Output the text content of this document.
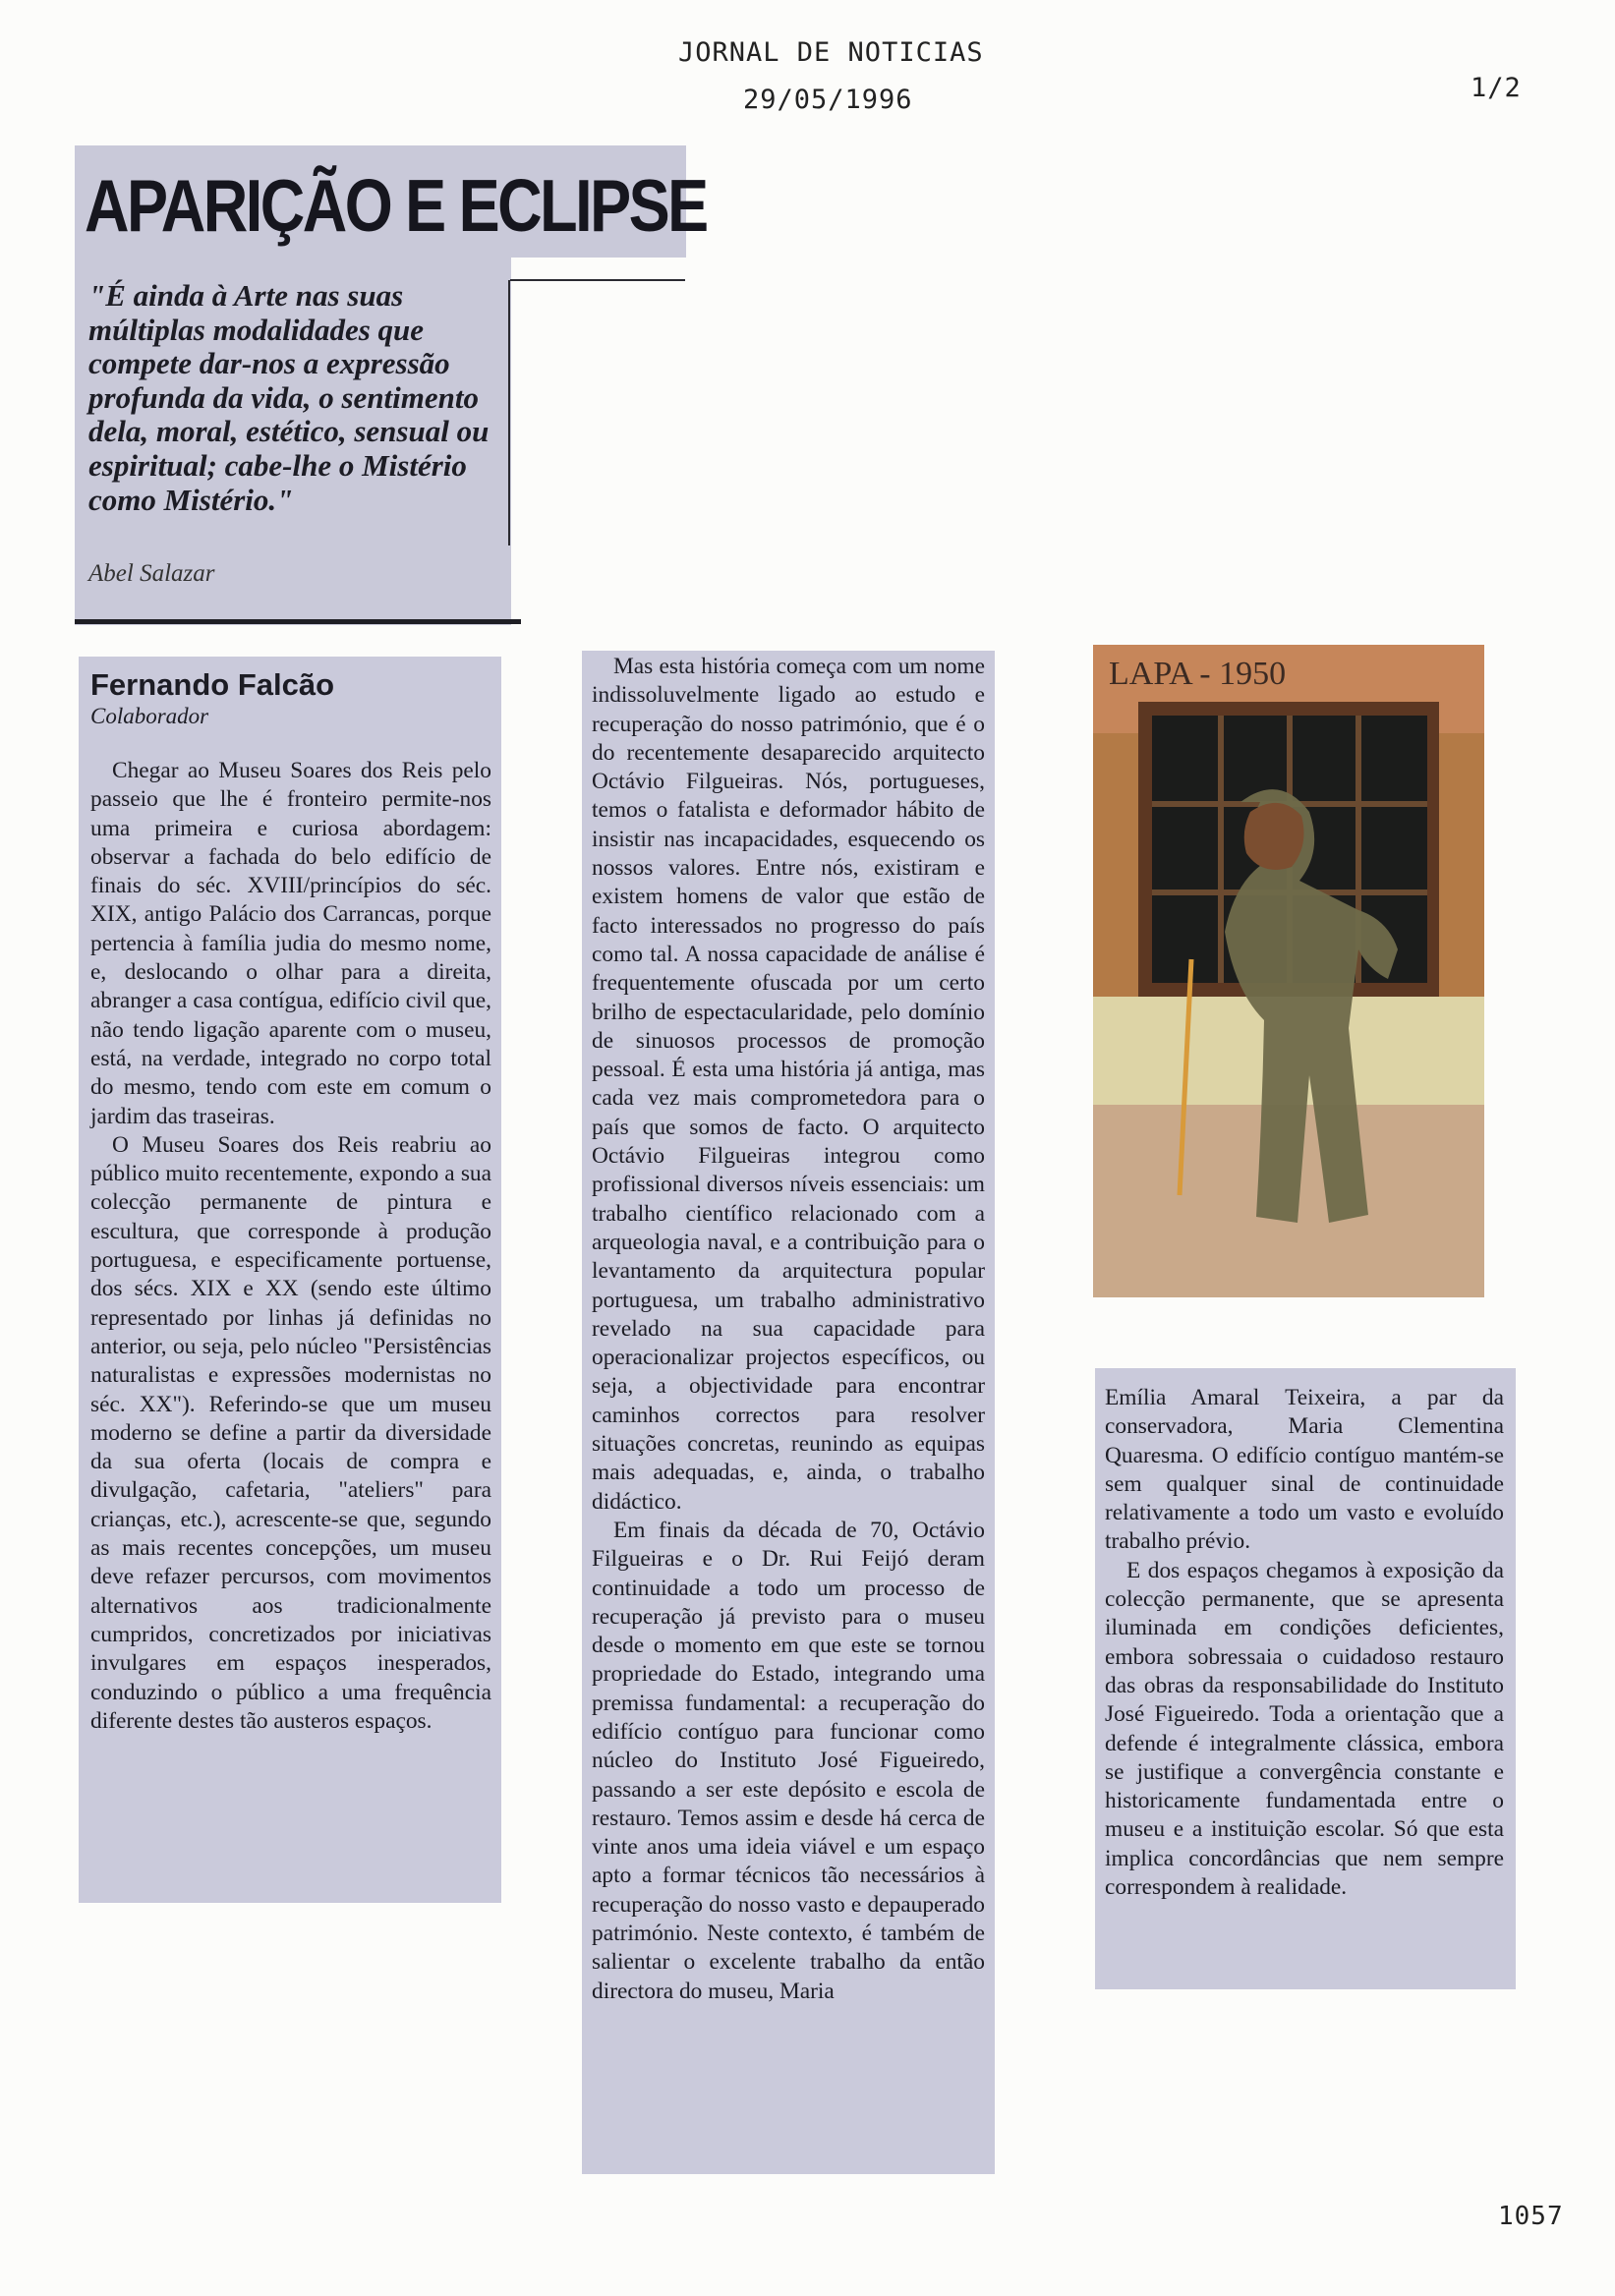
JORNAL DE NOTICIAS
29/05/1996	1/2
APARIÇÃO E ECLIPSE

"É ainda à Arte nas suas múltiplas modalidades que compete dar-nos a expressão profunda da vida, o sentimento dela, moral, estético, sensual ou espiritual; cabe-lhe o Mistério como Mistério."

Abel Salazar
Fernando Falcão
Colaborador

Chegar ao Museu Soares dos Reis pelo passeio que lhe é fronteiro permite-nos uma primeira e curiosa abordagem: observar a fachada do belo edifício de finais do séc. XVIII/princípios do séc. XIX, antigo Palácio dos Carrancas, porque pertencia à família judia do mesmo nome, e, deslocando o olhar para a direita, abranger a casa contígua, edifício civil que, não tendo ligação aparente com o museu, está, na verdade, integrado no corpo total do mesmo, tendo com este em comum o jardim das traseiras.

O Museu Soares dos Reis reabriu ao público muito recentemente, expondo a sua colecção permanente de pintura e escultura, que corresponde à produção portuguesa, e especificamente portuense, dos sécs. XIX e XX (sendo este último representado por linhas já definidas no anterior, ou seja, pelo núcleo "Persistências naturalistas e expressões modernistas no séc. XX"). Referindo-se que um museu moderno se define a partir da diversidade da sua oferta (locais de compra e divulgação, cafetaria, "ateliers" para crianças, etc.), acrescente-se que, segundo as mais recentes concepções, um museu deve refazer percursos, com movimentos alternativos aos tradicionalmente cumpridos, concretizados por iniciativas invulgares em espaços inesperados, conduzindo o público a uma frequência diferente destes tão austeros espaços.

Mas esta história começa com um nome indissoluvelmente ligado ao estudo e recuperação do nosso património, que é o do recentemente desaparecido arquitecto Octávio Filgueiras. Nós, portugueses, temos o fatalista e deformador hábito de insistir nas incapacidades, esquecendo os nossos valores. Entre nós, existiram e existem homens de valor que estão de facto interessados no progresso do país como tal. A nossa capacidade de análise é frequentemente ofuscada por um certo brilho de espectacularidade, pelo domínio de sinuosos processos de promoção pessoal. É esta uma história já antiga, mas cada vez mais comprometedora para o país que somos de facto. O arquitecto Octávio Filgueiras integrou como profissional diversos níveis essenciais: um trabalho científico relacionado com a arqueologia naval, e a contribuição para o levantamento da arquitectura popular portuguesa, um trabalho administrativo revelado na sua capacidade para operacionalizar projectos específicos, ou seja, a objectividade para encontrar caminhos correctos para resolver situações concretas, reunindo as equipas mais adequadas, e, ainda, o trabalho didáctico.

Em finais da década de 70, Octávio Filgueiras e o Dr. Rui Feijó deram continuidade a todo um processo de recuperação já previsto para o museu desde o momento em que este se tornou propriedade do Estado, integrando uma premissa fundamental: a recuperação do edifício contíguo para funcionar como núcleo do Instituto José Figueiredo, passando a ser este depósito e escola de restauro. Temos assim e desde há cerca de vinte anos uma ideia viável e um espaço apto a formar técnicos tão necessários à recuperação do nosso vasto e depauperado património. Neste contexto, é também de salientar o excelente trabalho da então directora do museu, Maria

LAPA - 1950

Emília Amaral Teixeira, a par da conservadora, Maria Clementina Quaresma. O edifício contíguo mantém-se sem qualquer sinal de continuidade relativamente a todo um vasto e evoluído trabalho prévio.

E dos espaços chegamos à exposição da colecção permanente, que se apresenta iluminada em condições deficientes, embora sobressaia o cuidadoso restauro das obras da responsabilidade do Instituto José Figueiredo. Toda a orientação que a defende é integralmente clássica, embora se justifique a convergência constante e historicamente fundamentada entre o museu e a instituição escolar. Só que esta implica concordâncias que nem sempre correspondem à realidade.

1057
